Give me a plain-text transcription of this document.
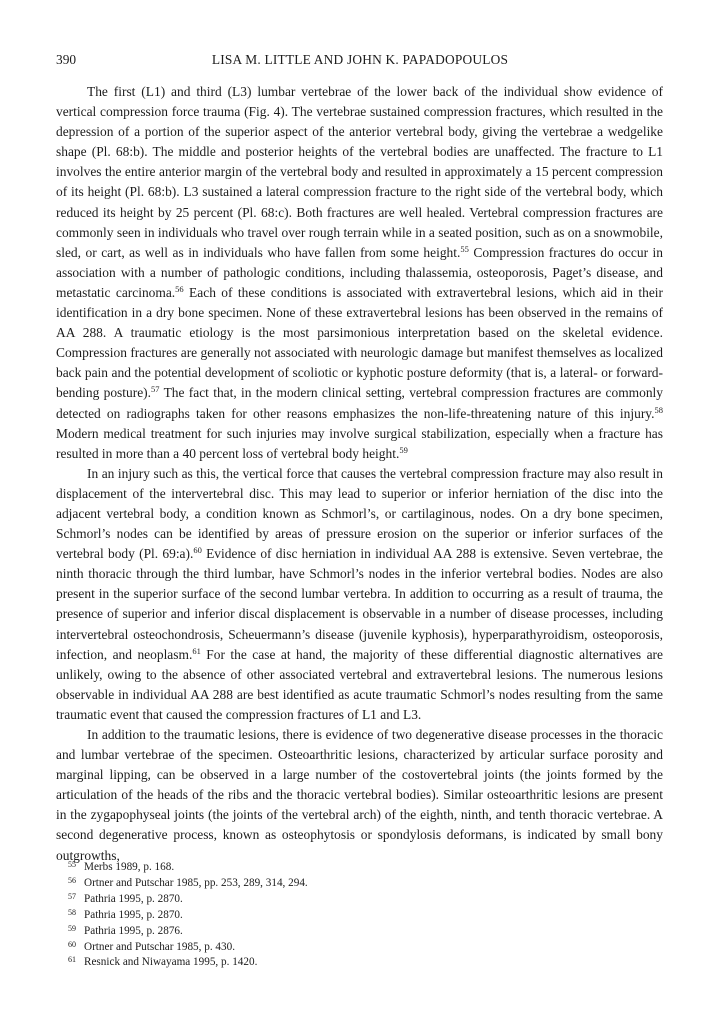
390	LISA M. LITTLE AND JOHN K. PAPADOPOULOS

The first (L1) and third (L3) lumbar vertebrae of the lower back of the individual show evidence of vertical compression force trauma (Fig. 4). The vertebrae sustained compression fractures, which resulted in the depression of a portion of the superior aspect of the anterior vertebral body, giving the vertebrae a wedgelike shape (Pl. 68:b). The middle and posterior heights of the vertebral bodies are unaffected. The fracture to L1 involves the entire anterior margin of the vertebral body and resulted in approximately a 15 percent compression of its height (Pl. 68:b). L3 sustained a lateral compression fracture to the right side of the vertebral body, which reduced its height by 25 percent (Pl. 68:c). Both fractures are well healed. Vertebral compression fractures are commonly seen in individuals who travel over rough terrain while in a seated position, such as on a snowmobile, sled, or cart, as well as in individuals who have fallen from some height.$^{55}$ Compression fractures do occur in association with a number of pathologic conditions, including thalassemia, osteoporosis, Paget’s disease, and metastatic carcinoma.$^{56}$ Each of these conditions is associated with extravertebral lesions, which aid in their identification in a dry bone specimen. None of these extravertebral lesions has been observed in the remains of AA 288. A traumatic etiology is the most parsimonious interpretation based on the skeletal evidence. Compression fractures are generally not associated with neurologic damage but manifest themselves as localized back pain and the potential development of scoliotic or kyphotic posture deformity (that is, a lateral- or forward-bending posture).$^{57}$ The fact that, in the modern clinical setting, vertebral compression fractures are commonly detected on radiographs taken for other reasons emphasizes the non-life-threatening nature of this injury.$^{58}$ Modern medical treatment for such injuries may involve surgical stabilization, especially when a fracture has resulted in more than a 40 percent loss of vertebral body height.$^{59}$

In an injury such as this, the vertical force that causes the vertebral compression fracture may also result in displacement of the intervertebral disc. This may lead to superior or inferior herniation of the disc into the adjacent vertebral body, a condition known as Schmorl’s, or cartilaginous, nodes. On a dry bone specimen, Schmorl’s nodes can be identified by areas of pressure erosion on the superior or inferior surfaces of the vertebral body (Pl. 69:a).$^{60}$ Evidence of disc herniation in individual AA 288 is extensive. Seven vertebrae, the ninth thoracic through the third lumbar, have Schmorl’s nodes in the inferior vertebral bodies. Nodes are also present in the superior surface of the second lumbar vertebra. In addition to occurring as a result of trauma, the presence of superior and inferior discal displacement is observable in a number of disease processes, including intervertebral osteochondrosis, Scheuermann’s disease (juvenile kyphosis), hyperparathyroidism, osteoporosis, infection, and neoplasm.$^{61}$ For the case at hand, the majority of these differential diagnostic alternatives are unlikely, owing to the absence of other associated vertebral and extravertebral lesions. The numerous lesions observable in individual AA 288 are best identified as acute traumatic Schmorl’s nodes resulting from the same traumatic event that caused the compression fractures of L1 and L3.

In addition to the traumatic lesions, there is evidence of two degenerative disease processes in the thoracic and lumbar vertebrae of the specimen. Osteoarthritic lesions, characterized by articular surface porosity and marginal lipping, can be observed in a large number of the costovertebral joints (the joints formed by the articulation of the heads of the ribs and the thoracic vertebral bodies). Similar osteoarthritic lesions are present in the zygapophyseal joints (the joints of the vertebral arch) of the eighth, ninth, and tenth thoracic vertebrae. A second degenerative process, known as osteophytosis or spondylosis deformans, is indicated by small bony outgrowths,

55 Merbs 1989, p. 168.
56 Ortner and Putschar 1985, pp. 253, 289, 314, 294.
57 Pathria 1995, p. 2870.
58 Pathria 1995, p. 2870.
59 Pathria 1995, p. 2876.
60 Ortner and Putschar 1985, p. 430.
61 Resnick and Niwayama 1995, p. 1420.
